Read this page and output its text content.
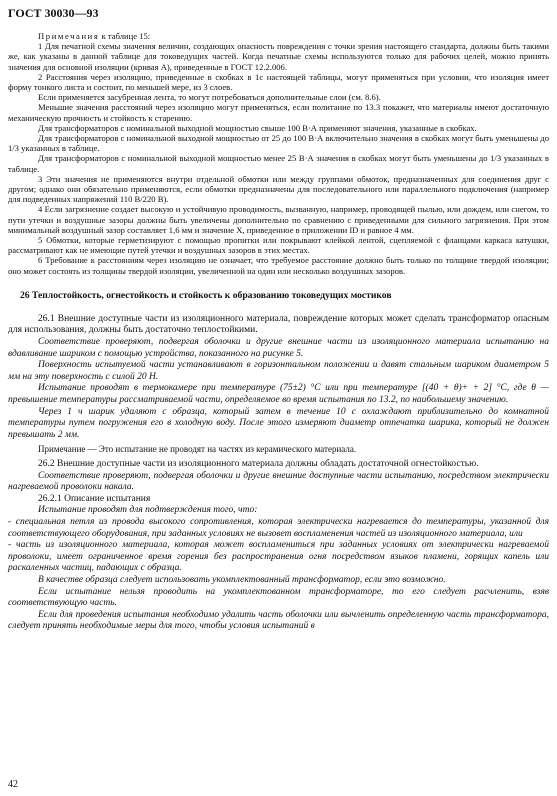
ГОСТ 30030—93

Примечания к таблице 15:

1 Для печатной схемы значения величин, создающих опасность повреждения с точки зрения настоящего стандарта, должны быть такими же, как указаны в данной таблице для токоведущих частей. Когда печатные схемы используются только для рабочих целей, можно принять значения для основной изоляции (кривая А), приведенные в ГОСТ 12.2.006.

2 Расстояния через изоляцию, приведенные в скобках в 1с настоящей таблицы, могут применяться при условии, что изоляция имеет форму тонкого листа и состоит, по меньшей мере, из 3 слоев.

Если применяется засубренная лента, то могут потребоваться дополнительные слои (см. 8.6).

Меньшие значения расстояний через изоляцию могут применяться, если политание по 13.3 покажет, что материалы имеют достаточную механическую прочность и стойкость к старению.

Для трансформаторов с номинальной выходной мощностью свыше 100 В·А применяют значения, указанные в скобках.

Для трансформаторов с номинальной выходной мощностью от 25 до 100 В·А включительно значения в скобках могут быть уменьшены до 1/3 указанных в таблице.

Для трансформаторов с номинальной выходной мощностью менее 25 В·А значения в скобках могут быть уменьшены до 1/3 указанных в таблице.

3 Эти значения не применяются внутри отдельной обмотки или между группами обмоток, предназначенных для соединения друг с другом; однако они обязательно применяются, если обмотки предназначены для последовательного или параллельного подключения (например для подведенных напряжений 110 В/220 В).

4 Если загрязнение создает высокую и устойчивую проводимость, вызванную, например, проводящей пылью, или дождем, или снегом, то пути утечки и воздушные зазоры должны быть увеличены дополнительно по сравнению с приведенными для сильного загрязнения. При этом минимальный воздушный зазор составляет 1,6 мм и значение X, приведенное в приложении ID и равное 4 мм.

5 Обмотки, которые герметизируют с помощью пропитки или покрывают клейкой лентой, сцепляемой с фланцами каркаса катушки, рассматривают как не имеющие путей утечки и воздушных зазоров в этих местах.

6 Требование к расстояниям через изоляцию не означает, что требуемое расстояние должно быть только по толщине твердой изоляции; оно может состоять из толщины твердой изоляции, увеличенной на один или несколько воздушных зазоров.

26 Теплостойкость, огнестойкость и стойкость к образованию токоведущих мостиков

26.1 Внешние доступные части из изоляционного материала, повреждение которых может сделать трансформатор опасным для использования, должны быть достаточно теплостойкими.

Соответствие проверяют, подвергая оболочки и другие внешние части из изоляционного материала испытанию на вдавливание шариком с помощью устройства, показанного на рисунке 5.

Поверхность испытуемой части устанавливают в горизонтальном положении и давят стальным шариком диаметром 5 мм на эту поверхность с силой 20 Н.

Испытание проводят в термокамере при температуре (75±2) °С или при температуре [(40 + θ)+ + 2] °С, где θ — превышение температуры рассматриваемой части, определяемое во время испытания по 13.2, по наибольшему значению.

Через 1 ч шарик удаляют с образца, который затем в течение 10 с охлаждают приблизительно до комнатной температуры путем погружения его в холодную воду. После этого измеряют диаметр отпечатка шарика, который не должен превышать 2 мм.

Примечание — Это испытание не проводят на частях из керамического материала.

26.2 Внешние доступные части из изоляционного материала должны обладать достаточной огнестойкостью.

Соответствие проверяют, подвергая оболочки и другие внешние доступные части испытанию, посредством электрически нагреваемой проволоки накала.

26.2.1 Описание испытания

Испытание проводят для подтверждения того, что:

- специальная петля из провода высокого сопротивления, которая электрически нагревается до температуры, указанной для соответствующего оборудования, при заданных условиях не вызовет воспламенения частей из изоляционного материала, или

- часть из изоляционного материала, которая может воспламениться при заданных условиях от электрически нагреваемой проволоки, имеет ограниченное время горения без распространения огня посредством языков пламени, горящих капель или раскаленных частиц, падающих с образца.

В качестве образца следует использовать укомплектованный трансформатор, если это возможно.

Если испытание нельзя проводить на укомплектованном трансформаторе, то его следует расчленить, взяв соответствующую часть.

Если для проведения испытания необходимо удалить часть оболочки или вычленить определенную часть трансформатора, следует принять необходимые меры для того, чтобы условия испытаний в

42
